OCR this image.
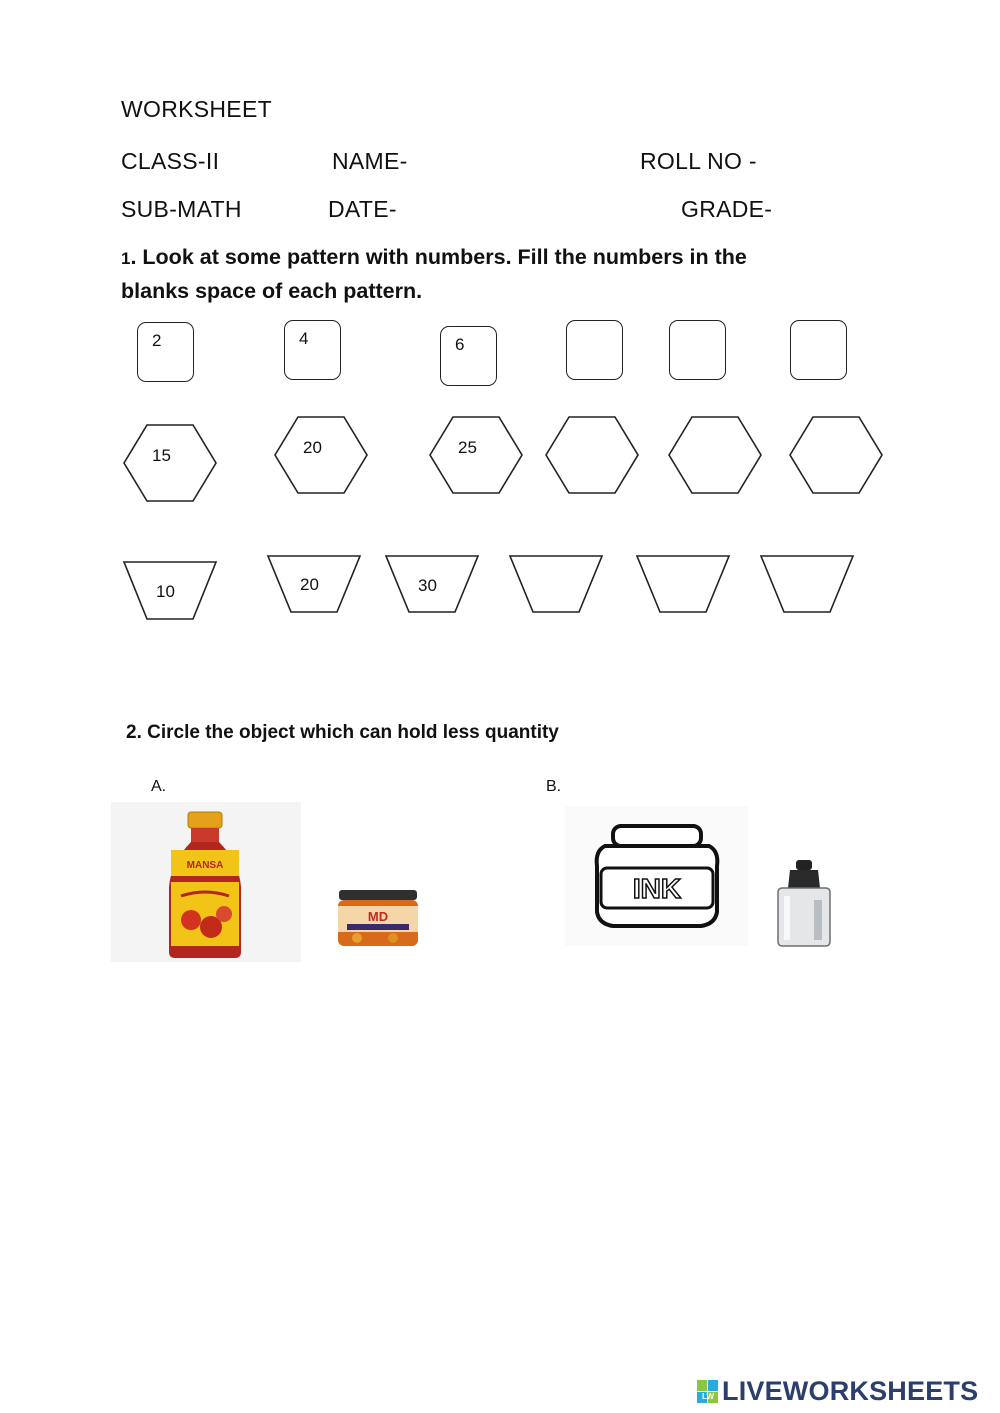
WORKSHEET
CLASS-II	NAME-	ROLL NO -
SUB-MATH	DATE-	GRADE-
1. Look at some pattern with numbers. Fill the numbers in the
blanks space of each pattern.
2	4	6
15	20	25
10	20	30
2. Circle the object which can hold less quantity
A.	B.
MANSA
MD
INK
LW LIVEWORKSHEETS
